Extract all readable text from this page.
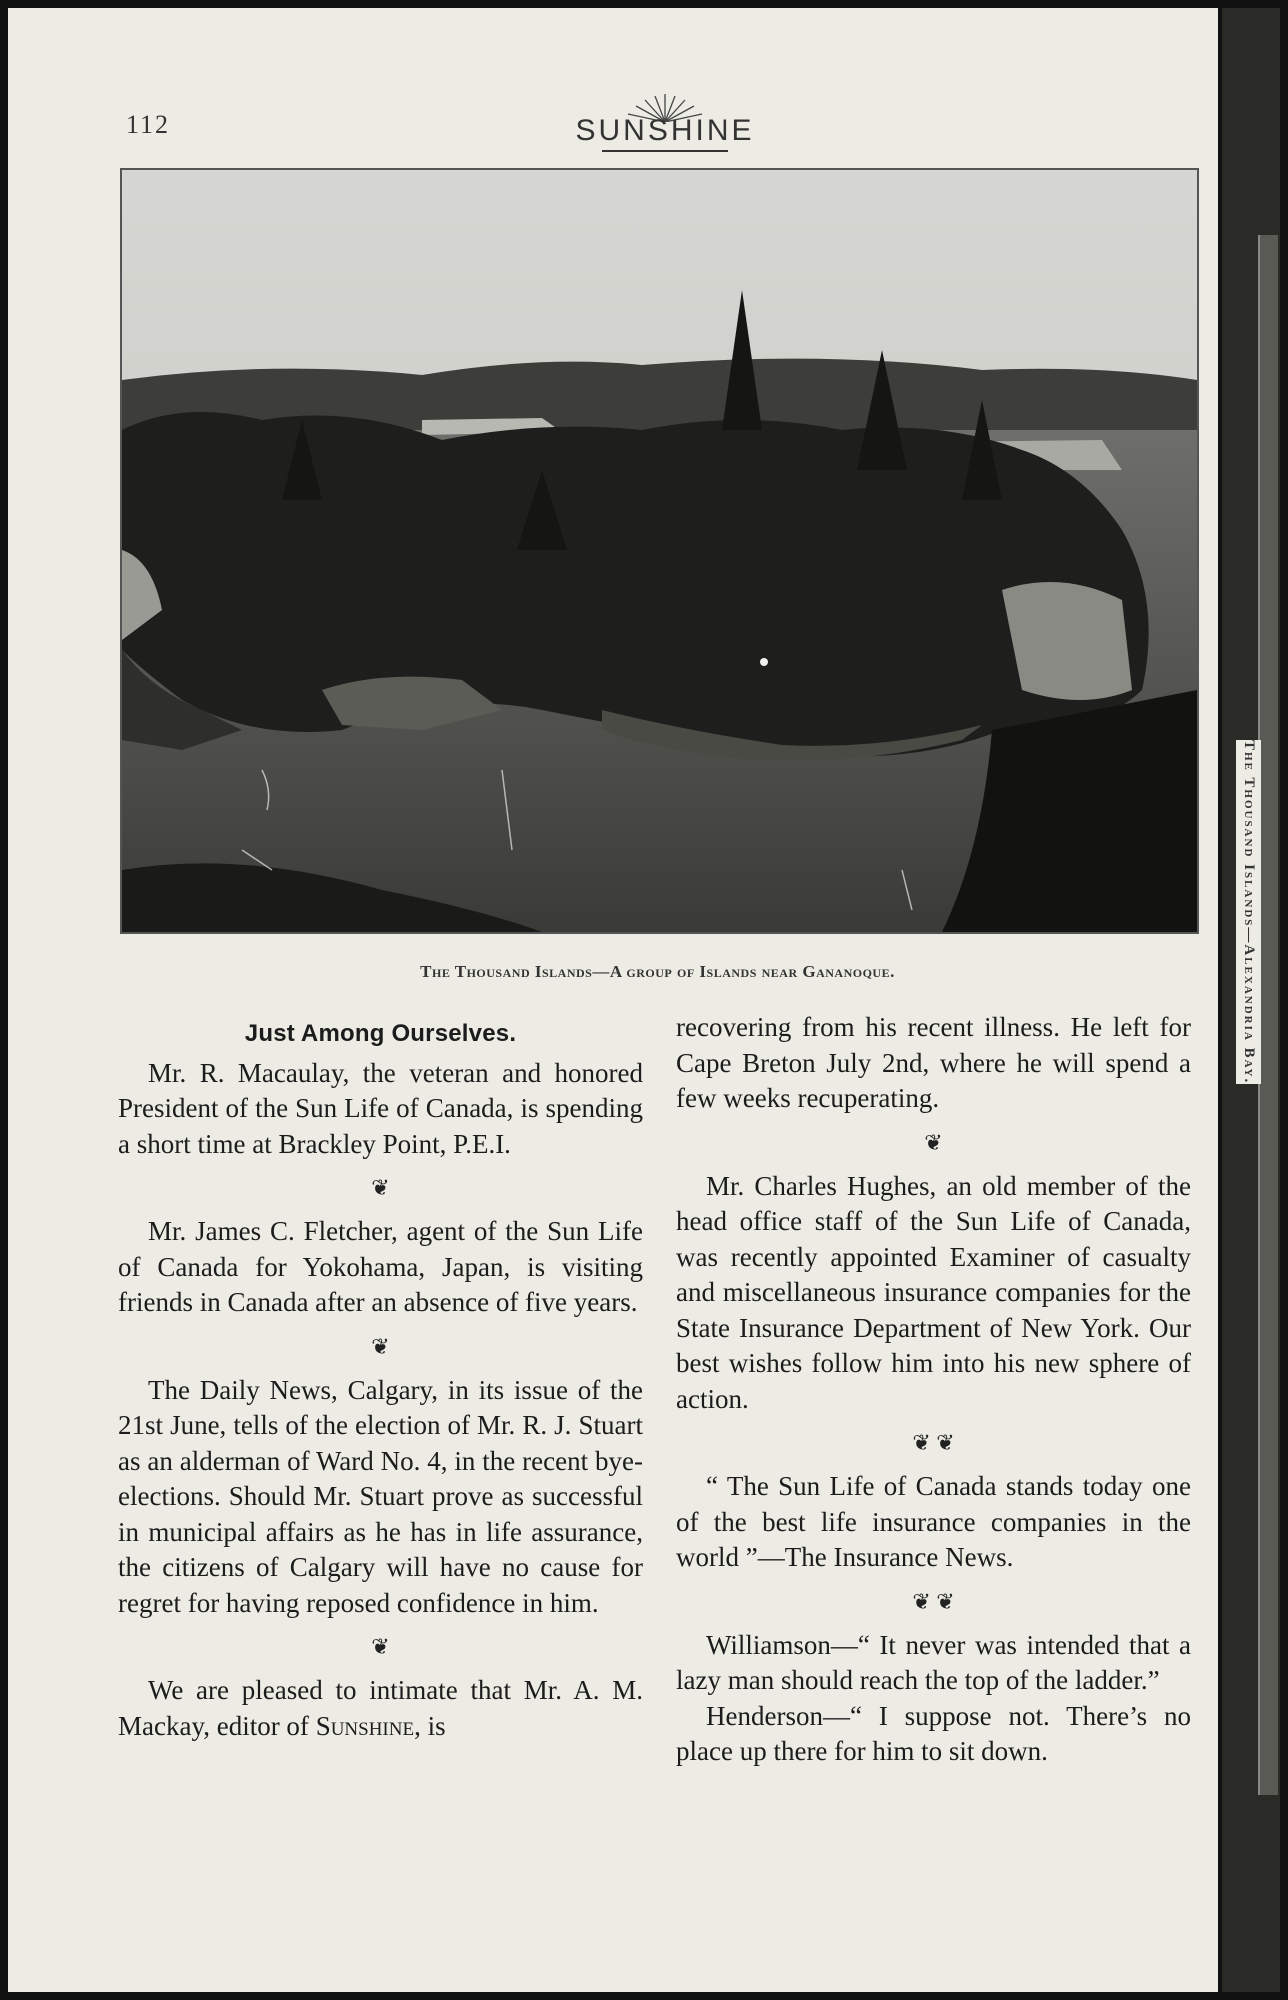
112	SUNSHINE
The Thousand Islands—A group of Islands near Gananoque.	The Thousand Islands—Alexandria Bay.
Just Among Ourselves.

Mr. R. Macaulay, the veteran and honored President of the Sun Life of Canada, is spending a short time at Brackley Point, P.E.I.

❦

Mr. James C. Fletcher, agent of the Sun Life of Canada for Yokohama, Japan, is visiting friends in Canada after an absence of five years.

❦

The Daily News, Calgary, in its issue of the 21st June, tells of the election of Mr. R. J. Stuart as an alderman of Ward No. 4, in the recent bye-elections. Should Mr. Stuart prove as successful in municipal affairs as he has in life assurance, the citizens of Calgary will have no cause for regret for having reposed confidence in him.

❦

We are pleased to intimate that Mr. A. M. Mackay, editor of Sunshine, is

recovering from his recent illness. He left for Cape Breton July 2nd, where he will spend a few weeks recuperating.

❦

Mr. Charles Hughes, an old member of the head office staff of the Sun Life of Canada, was recently appointed Examiner of casualty and miscellaneous insurance companies for the State Insurance Department of New York. Our best wishes follow him into his new sphere of action.

❦ ❦

“ The Sun Life of Canada stands today one of the best life insurance companies in the world ”—The Insurance News.

❦ ❦

Williamson—“ It never was intended that a lazy man should reach the top of the ladder.”

Henderson—“ I suppose not. There’s no place up there for him to sit down.
